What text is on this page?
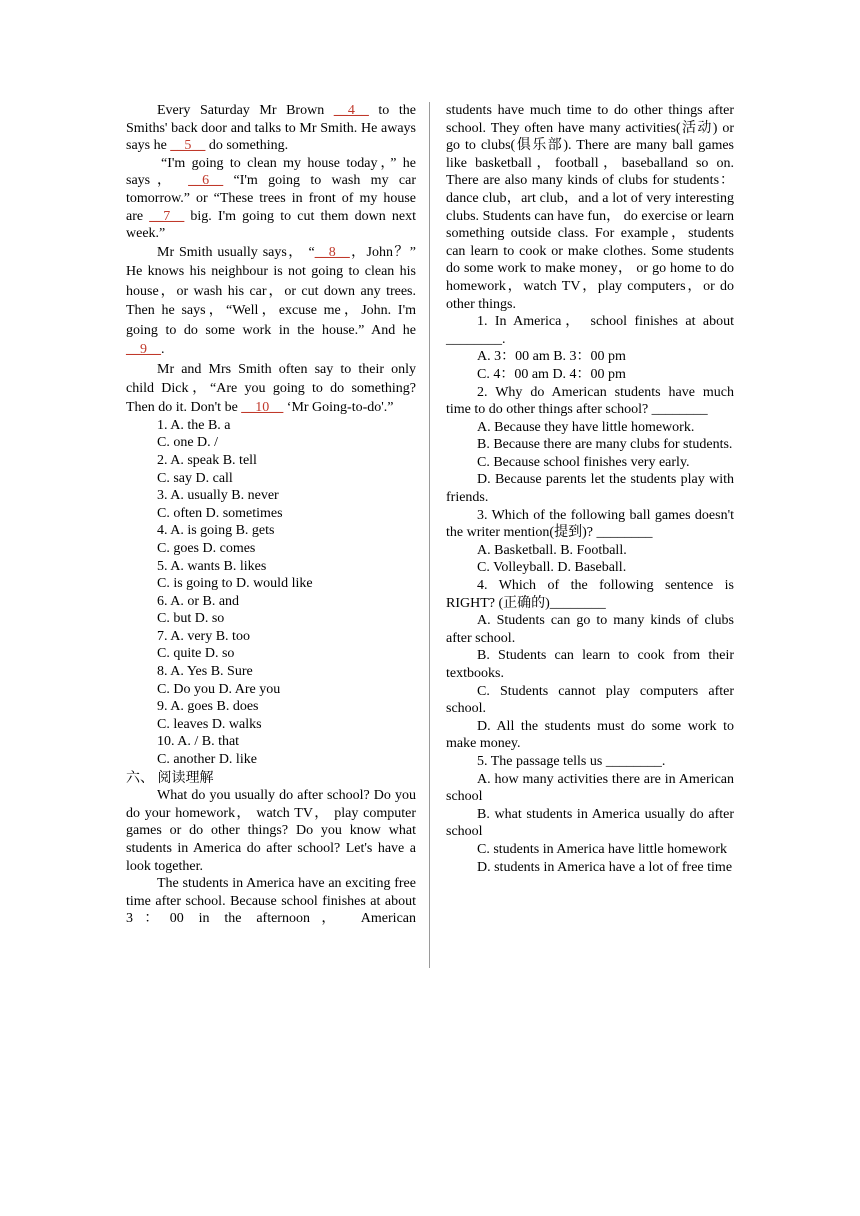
Every Saturday Mr Brown __4__ to the Smiths' back door and talks to Mr Smith. He aways says he __5__ do something.

“I'm going to clean my house today，” he says， __6__ “I'm going to wash my car tomorrow.” or “These trees in front of my house are __7__ big. I'm going to cut them down next week.”

Mr Smith usually says， “__8__，John？” He knows his neighbour is not going to clean his house，or wash his car，or cut down any trees. Then he says，“Well，excuse me，John. I'm going to do some work in the house.” And he __9__.

Mr and Mrs Smith often say to their only child Dick，“Are you going to do something? Then do it. Don't be __10__ ‘Mr Going-to-do'.”

1. A. the B. a

C. one D. /

2. A. speak B. tell

C. say D. call

3. A. usually B. never

C. often D. sometimes

4. A. is going B. gets

C. goes D. comes

5. A. wants B. likes

C. is going to D. would like

6. A. or B. and

C. but D. so

7. A. very B. too

C. quite D. so

8. A. Yes B. Sure

C. Do you D. Are you

9. A. goes B. does

C. leaves D. walks

10. A. / B. that

C. another D. like

六、 阅读理解

What do you usually do after school? Do you do your homework， watch TV， play computer games or do other things? Do you know what students in America do after school? Let's have a look together.

The students in America have an exciting free time after school. Because school finishes at about 3：00 in the afternoon， American

students have much time to do other things after school. They often have many activities(活动) or go to clubs(俱乐部). There are many ball games like basketball，football，baseballand so on. There are also many kinds of clubs for students：dance club，art club，and a lot of very interesting clubs. Students can have fun， do exercise or learn something outside class. For example，students can learn to cook or make clothes. Some students do some work to make money， or go home to do homework，watch TV，play computers，or do other things.

1. In America， school finishes at about ________.

A. 3：00 am B. 3：00 pm

C. 4：00 am D. 4：00 pm

2. Why do American students have much time to do other things after school? ________

A. Because they have little homework.

B. Because there are many clubs for students.

C. Because school finishes very early.

D. Because parents let the students play with friends.

3. Which of the following ball games doesn't the writer mention(提到)? ________

A. Basketball. B. Football.

C. Volleyball. D. Baseball.

4. Which of the following sentence is RIGHT? (正确的)________

A. Students can go to many kinds of clubs after school.

B. Students can learn to cook from their textbooks.

C. Students cannot play computers after school.

D. All the students must do some work to make money.

5. The passage tells us ________.

A. how many activities there are in American school

B. what students in America usually do after school

C. students in America have little homework

D. students in America have a lot of free time
